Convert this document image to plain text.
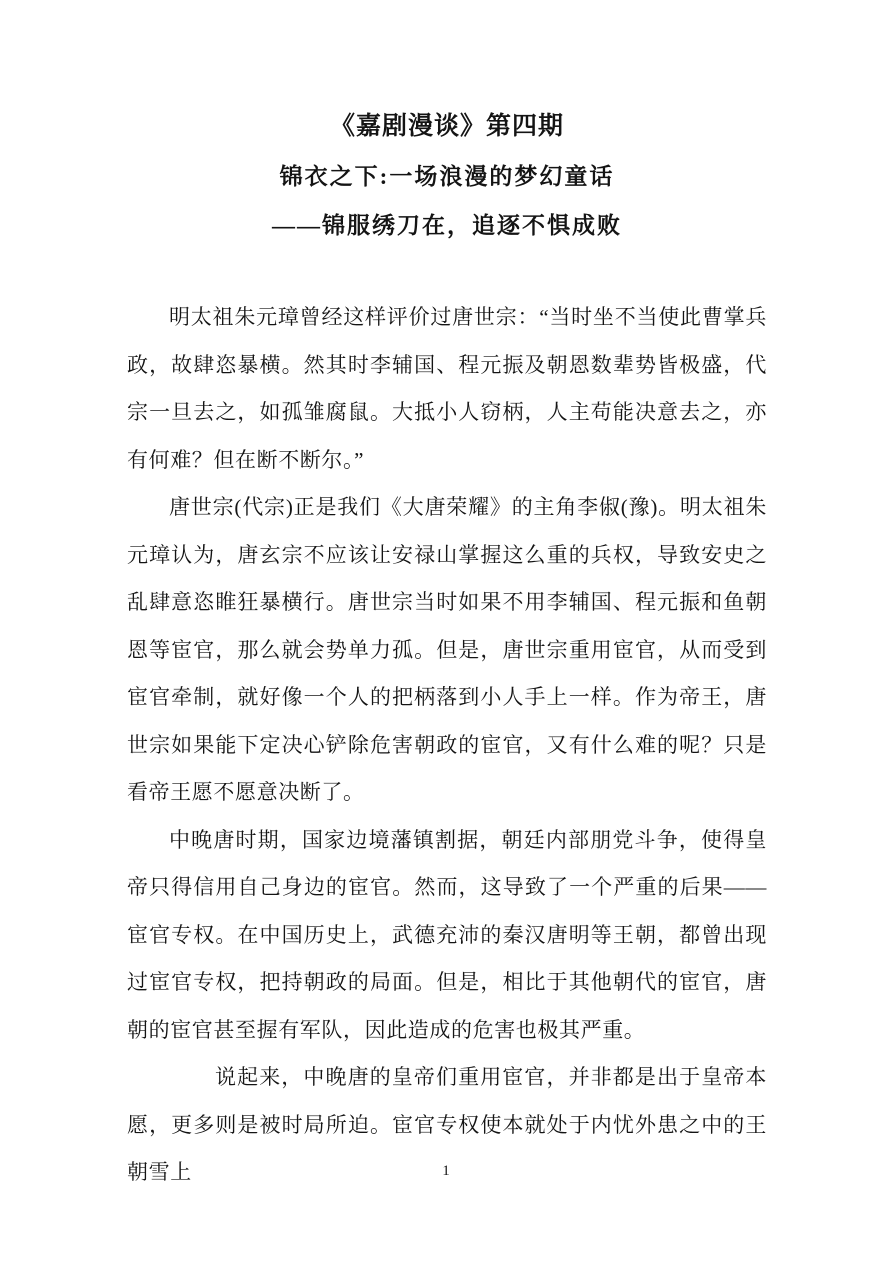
《嘉剧漫谈》第四期
锦衣之下:一场浪漫的梦幻童话
——锦服绣刀在，追逐不惧成败

明太祖朱元璋曾经这样评价过唐世宗：“当时坐不当使此曹掌兵政，故肆恣暴横。然其时李辅国、程元振及朝恩数辈势皆极盛，代宗一旦去之，如孤雏腐鼠。大抵小人窃柄，人主苟能决意去之，亦有何难？但在断不断尔。”

唐世宗(代宗)正是我们《大唐荣耀》的主角李俶(豫)。明太祖朱元璋认为，唐玄宗不应该让安禄山掌握这么重的兵权，导致安史之乱肆意恣睢狂暴横行。唐世宗当时如果不用李辅国、程元振和鱼朝恩等宦官，那么就会势单力孤。但是，唐世宗重用宦官，从而受到宦官牵制，就好像一个人的把柄落到小人手上一样。作为帝王，唐世宗如果能下定决心铲除危害朝政的宦官，又有什么难的呢？只是看帝王愿不愿意决断了。

中晚唐时期，国家边境藩镇割据，朝廷内部朋党斗争，使得皇帝只得信用自己身边的宦官。然而，这导致了一个严重的后果——宦官专权。在中国历史上，武德充沛的秦汉唐明等王朝，都曾出现过宦官专权，把持朝政的局面。但是，相比于其他朝代的宦官，唐朝的宦官甚至握有军队，因此造成的危害也极其严重。

说起来，中晚唐的皇帝们重用宦官，并非都是出于皇帝本愿，更多则是被时局所迫。宦官专权使本就处于内忧外患之中的王朝雪上	1
